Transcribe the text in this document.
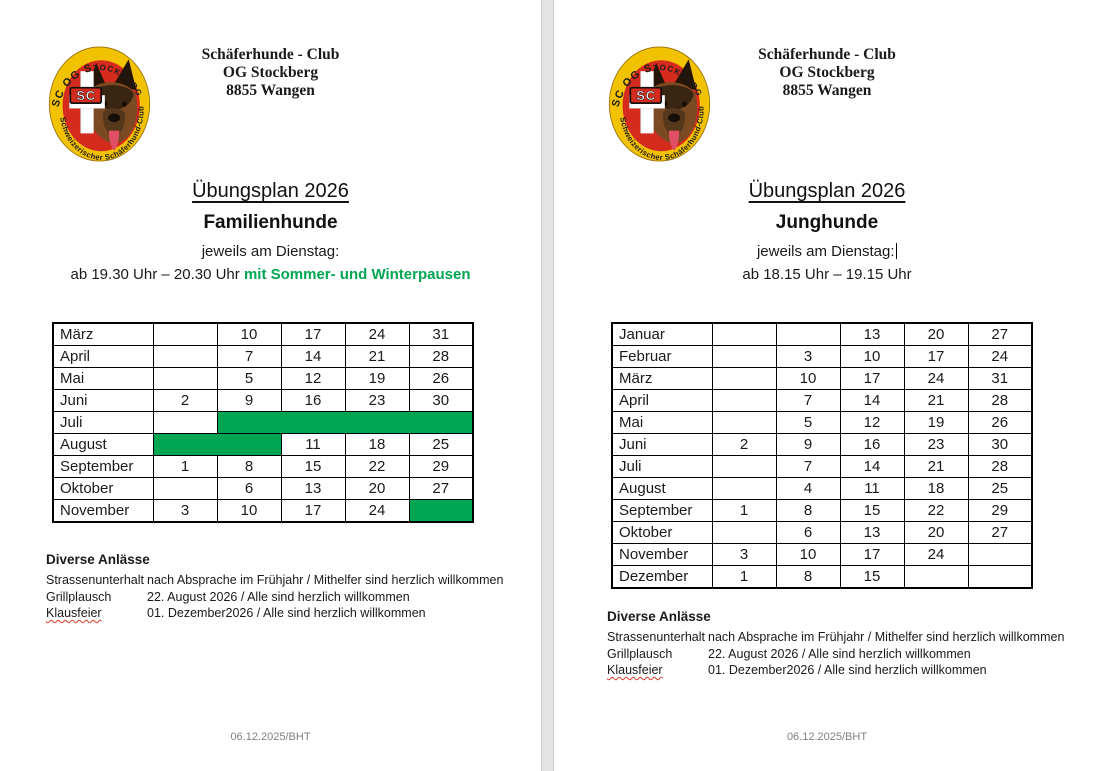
Schäferhunde - Club
OG Stockberg
8855 Wangen
Übungsplan 2026
Familienhunde
jeweils am Dienstag:
ab 19.30 Uhr – 20.30 Uhr mit Sommer- und Winterpausen
März		10	17	24	31
April		7	14	21	28
Mai		5	12	19	26
Juni	2	9	16	23	30
Juli					
August			11	18	25
September	1	8	15	22	29
Oktober		6	13	20	27
November	3	10	17	24	
Diverse Anlässe
Strassenunterhalt nach Absprache im Frühjahr / Mithelfer sind herzlich willkommen
Grillplausch	22. August 2026 / Alle sind herzlich willkommen
Klausfeier	01. Dezember2026 / Alle sind herzlich willkommen
06.12.2025/BHT
Schäferhunde - Club
OG Stockberg
8855 Wangen
Übungsplan 2026
Junghunde
jeweils am Dienstag:
ab 18.15 Uhr – 19.15 Uhr
Januar			13	20	27
Februar		3	10	17	24
März		10	17	24	31
April		7	14	21	28
Mai		5	12	19	26
Juni	2	9	16	23	30
Juli		7	14	21	28
August		4	11	18	25
September	1	8	15	22	29
Oktober		6	13	20	27
November	3	10	17	24	
Dezember	1	8	15		
Diverse Anlässe
Strassenunterhalt nach Absprache im Frühjahr / Mithelfer sind herzlich willkommen
Grillplausch	22. August 2026 / Alle sind herzlich willkommen
Klausfeier	01. Dezember2026 / Alle sind herzlich willkommen
06.12.2025/BHT
